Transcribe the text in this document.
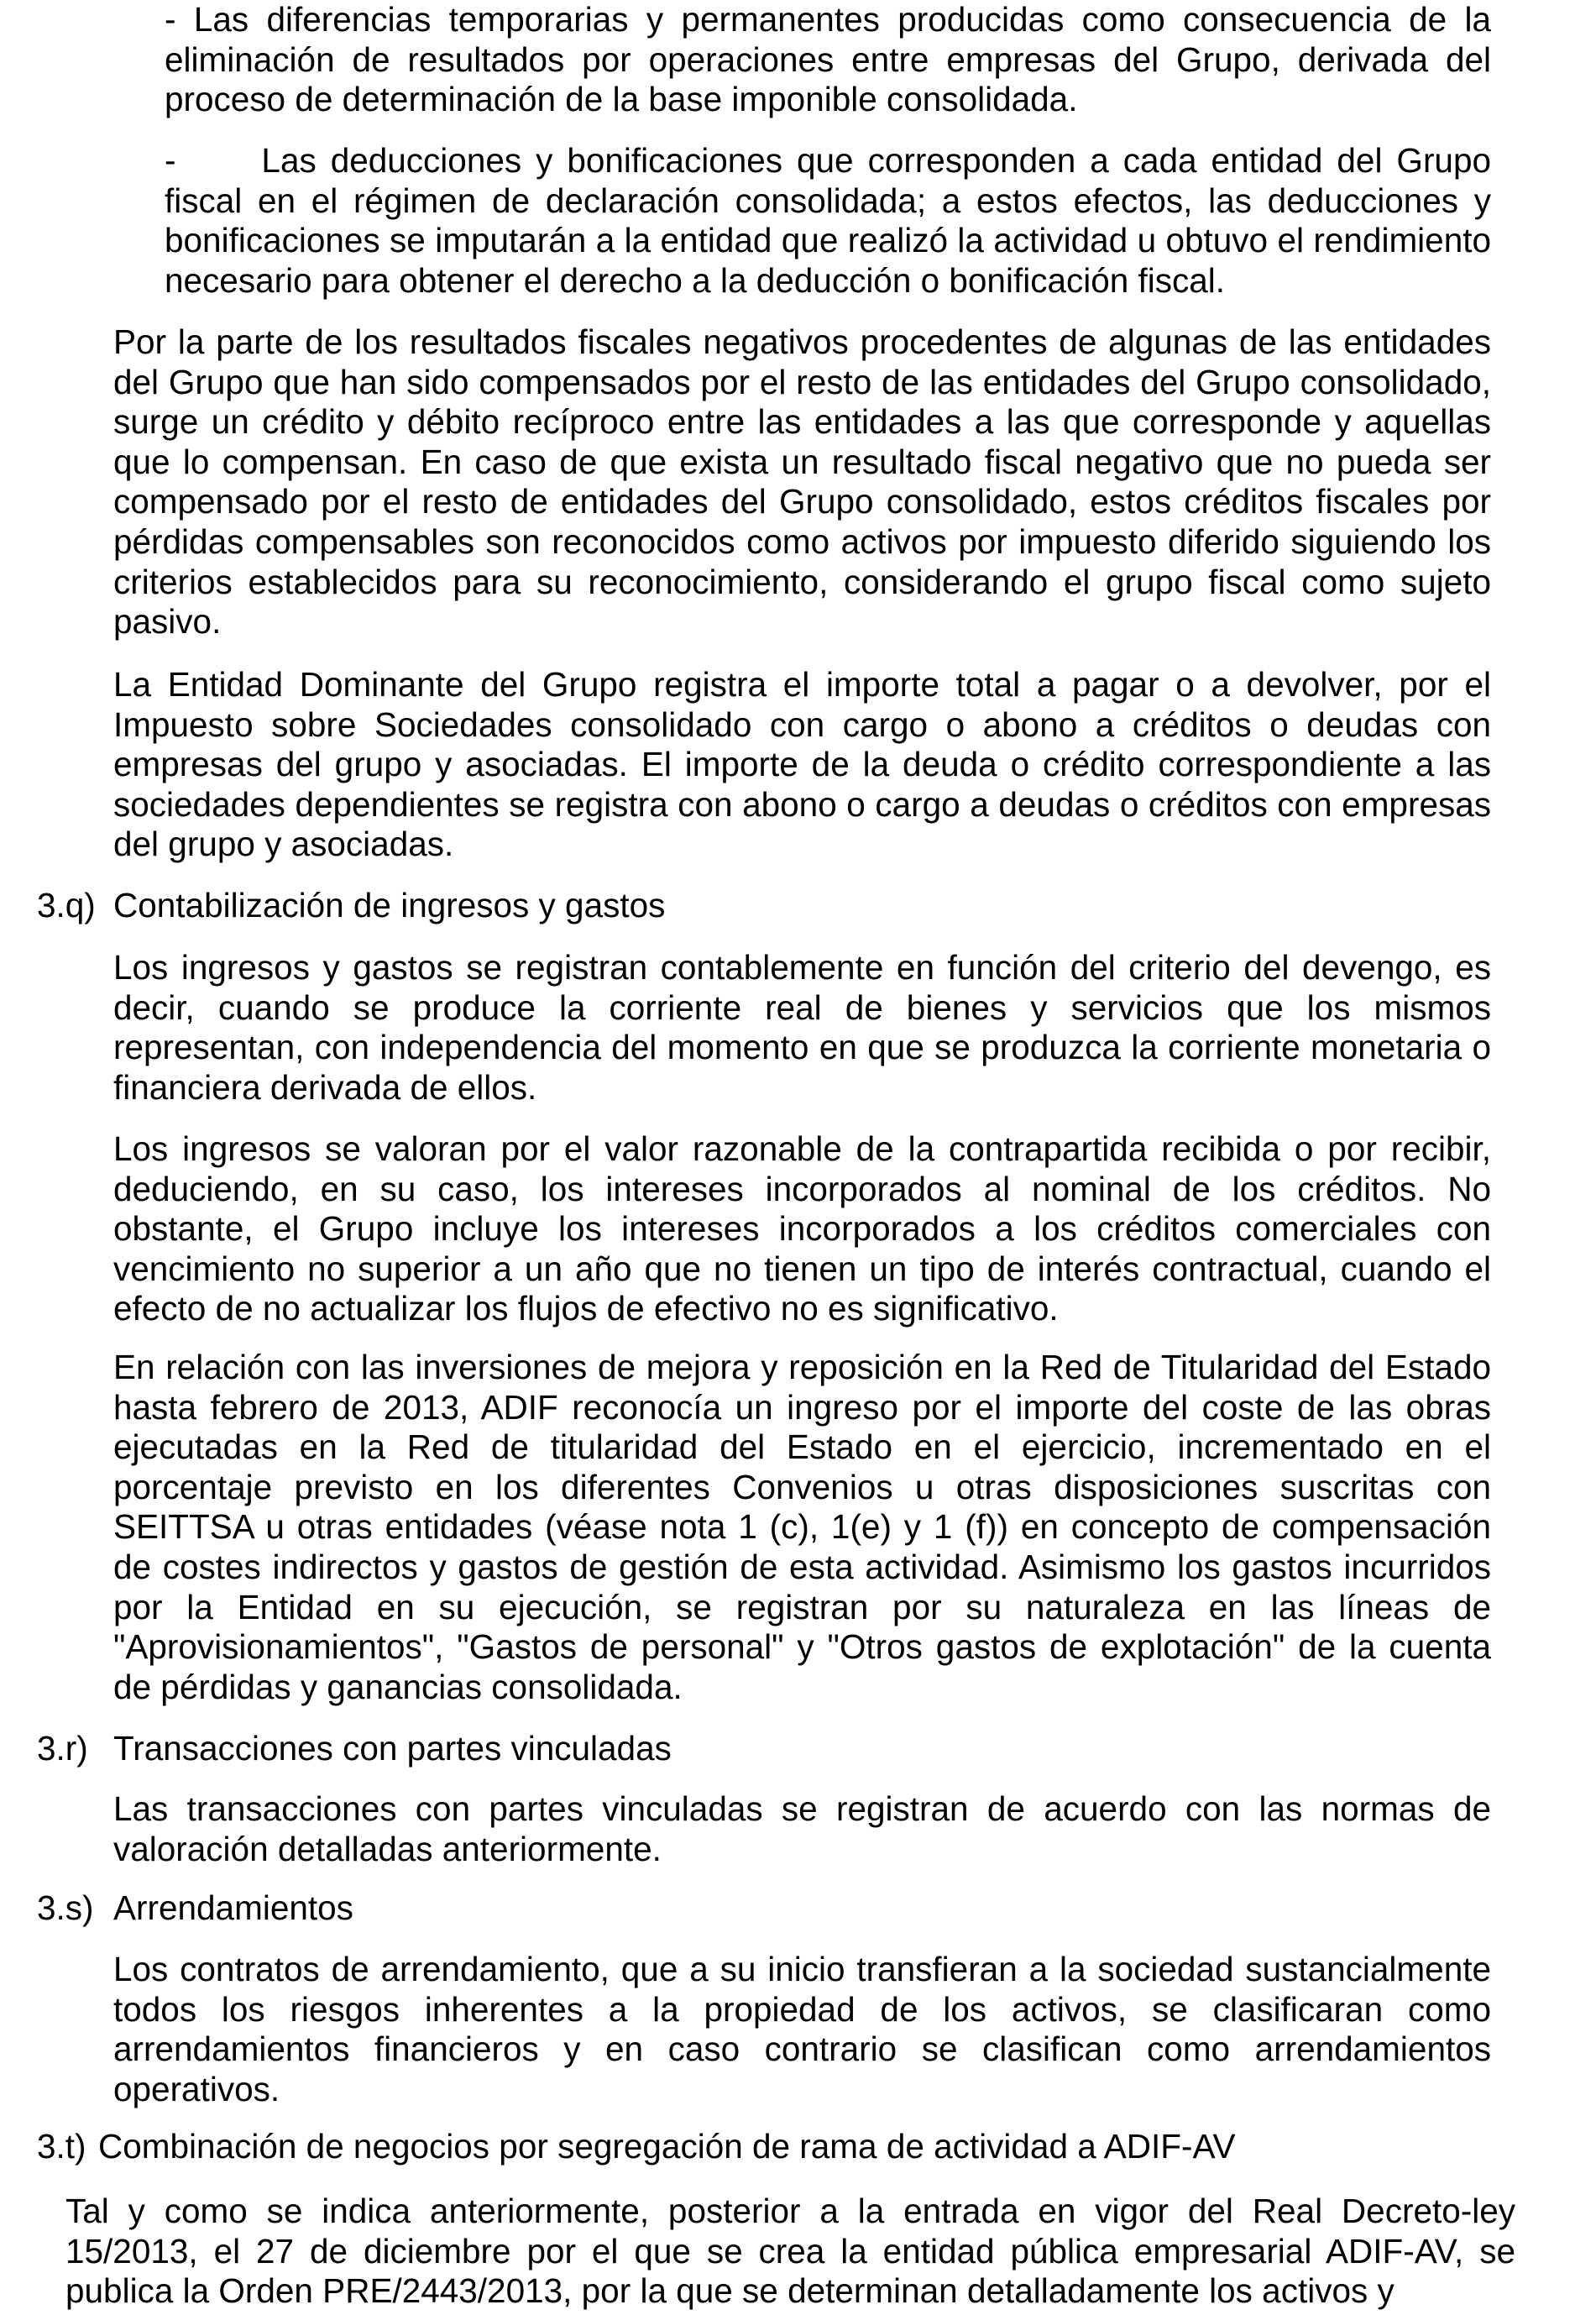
- Las diferencias temporarias y permanentes producidas como consecuencia de la eliminación de resultados por operaciones entre empresas del Grupo, derivada del proceso de determinación de la base imponible consolidada.

-      Las deducciones y bonificaciones que corresponden a cada entidad del Grupo fiscal en el régimen de declaración consolidada; a estos efectos, las deducciones y bonificaciones se imputarán a la entidad que realizó la actividad u obtuvo el rendimiento necesario para obtener el derecho a la deducción o bonificación fiscal.

Por la parte de los resultados fiscales negativos procedentes de algunas de las entidades del Grupo que han sido compensados por el resto de las entidades del Grupo consolidado, surge un crédito y débito recíproco entre las entidades a las que corresponde y aquellas que lo compensan. En caso de que exista un resultado fiscal negativo que no pueda ser compensado por el resto de entidades del Grupo consolidado, estos créditos fiscales por pérdidas compensables son reconocidos como activos por impuesto diferido siguiendo los criterios establecidos para su reconocimiento, considerando el grupo fiscal como sujeto pasivo.

La Entidad Dominante del Grupo registra el importe total a pagar o a devolver, por el Impuesto sobre Sociedades consolidado con cargo o abono a créditos o deudas con empresas del grupo y asociadas. El importe de la deuda o crédito correspondiente a las sociedades dependientes se registra con abono o cargo a deudas o créditos con empresas del grupo y asociadas.

3.q) Contabilización de ingresos y gastos

Los ingresos y gastos se registran contablemente en función del criterio del devengo, es decir, cuando se produce la corriente real de bienes y servicios que los mismos representan, con independencia del momento en que se produzca la corriente monetaria o financiera derivada de ellos.

Los ingresos se valoran por el valor razonable de la contrapartida recibida o por recibir, deduciendo, en su caso, los intereses incorporados al nominal de los créditos. No obstante, el Grupo incluye los intereses incorporados a los créditos comerciales con vencimiento no superior a un año que no tienen un tipo de interés contractual, cuando el efecto de no actualizar los flujos de efectivo no es significativo.

En relación con las inversiones de mejora y reposición en la Red de Titularidad del Estado hasta febrero de 2013, ADIF reconocía un ingreso por el importe del coste de las obras ejecutadas en la Red de titularidad del Estado en el ejercicio, incrementado en el porcentaje previsto en los diferentes Convenios u otras disposiciones suscritas con SEITTSA u otras entidades (véase nota 1 (c), 1(e) y 1 (f)) en concepto de compensación de costes indirectos y gastos de gestión de esta actividad. Asimismo los gastos incurridos por la Entidad en su ejecución, se registran por su naturaleza en las líneas de "Aprovisionamientos", "Gastos de personal" y "Otros gastos de explotación" de la cuenta de pérdidas y ganancias consolidada.

3.r) Transacciones con partes vinculadas

Las transacciones con partes vinculadas se registran de acuerdo con las normas de valoración detalladas anteriormente.

3.s) Arrendamientos

Los contratos de arrendamiento, que a su inicio transfieran a la sociedad sustancialmente todos los riesgos inherentes a la propiedad de los activos, se clasificaran como arrendamientos financieros y en caso contrario se clasifican como arrendamientos operativos.

3.t) Combinación de negocios por segregación de rama de actividad a ADIF-AV

Tal y como se indica anteriormente, posterior a la entrada en vigor del Real Decreto-ley 15/2013, el 27 de diciembre por el que se crea la entidad pública empresarial ADIF-AV, se publica la Orden PRE/2443/2013, por la que se determinan detalladamente los activos y
